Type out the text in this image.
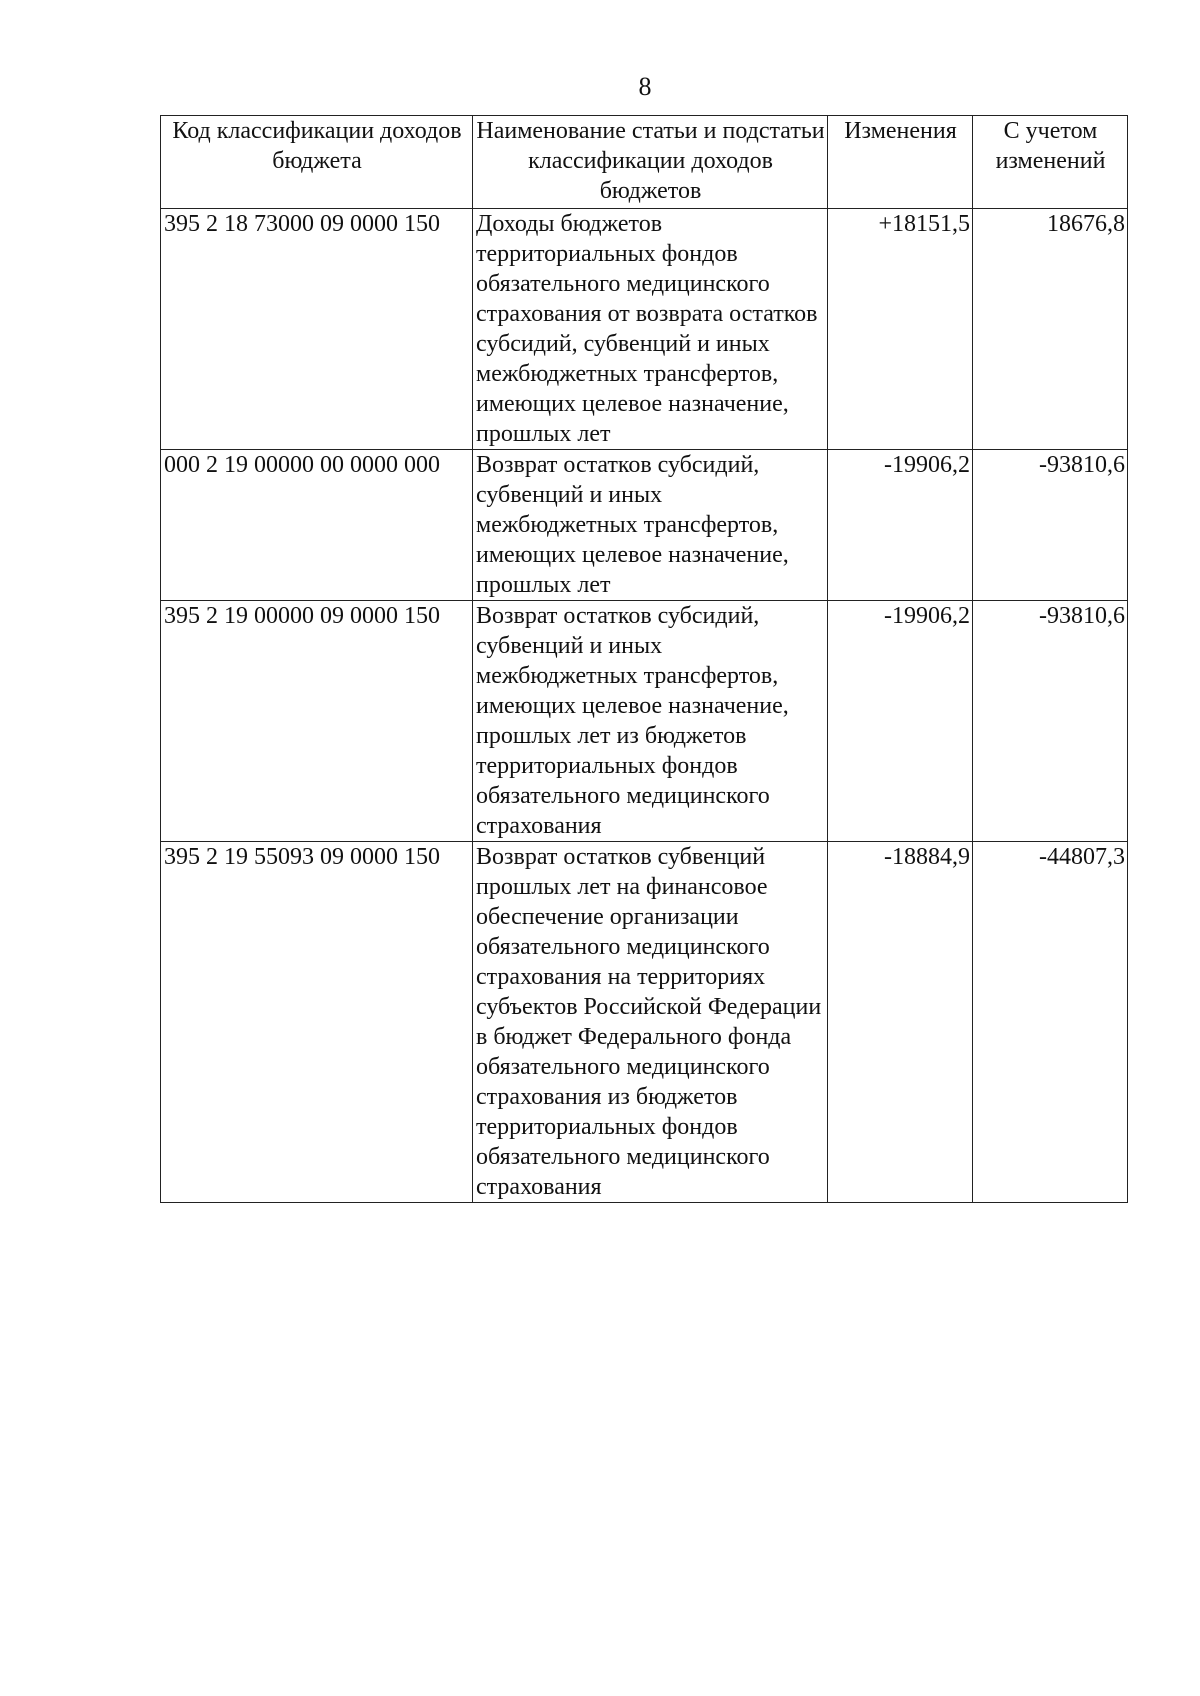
8
Код классификации доходов бюджета	Наименование статьи и подстатьи классификации доходов бюджетов	Изменения	С учетом изменений
395 2 18 73000 09 0000 150	Доходы бюджетов территориальных фондов обязательного медицинского страхования от возврата остатков субсидий, субвенций и иных межбюджетных трансфертов, имеющих целевое назначение, прошлых лет	+18151,5	18676,8
000 2 19 00000 00 0000 000	Возврат остатков субсидий, субвенций и иных межбюджетных трансфертов, имеющих целевое назначение, прошлых лет	-19906,2	-93810,6
395 2 19 00000 09 0000 150	Возврат остатков субсидий, субвенций и иных межбюджетных трансфертов, имеющих целевое назначение, прошлых лет из бюджетов территориальных фондов обязательного медицинского страхования	-19906,2	-93810,6
395 2 19 55093 09 0000 150	Возврат остатков субвенций прошлых лет на финансовое обеспечение организации обязательного медицинского страхования на территориях субъектов Российской Федерации в бюджет Федерального фонда обязательного медицинского страхования из бюджетов территориальных фондов обязательного медицинского страхования	-18884,9	-44807,3
